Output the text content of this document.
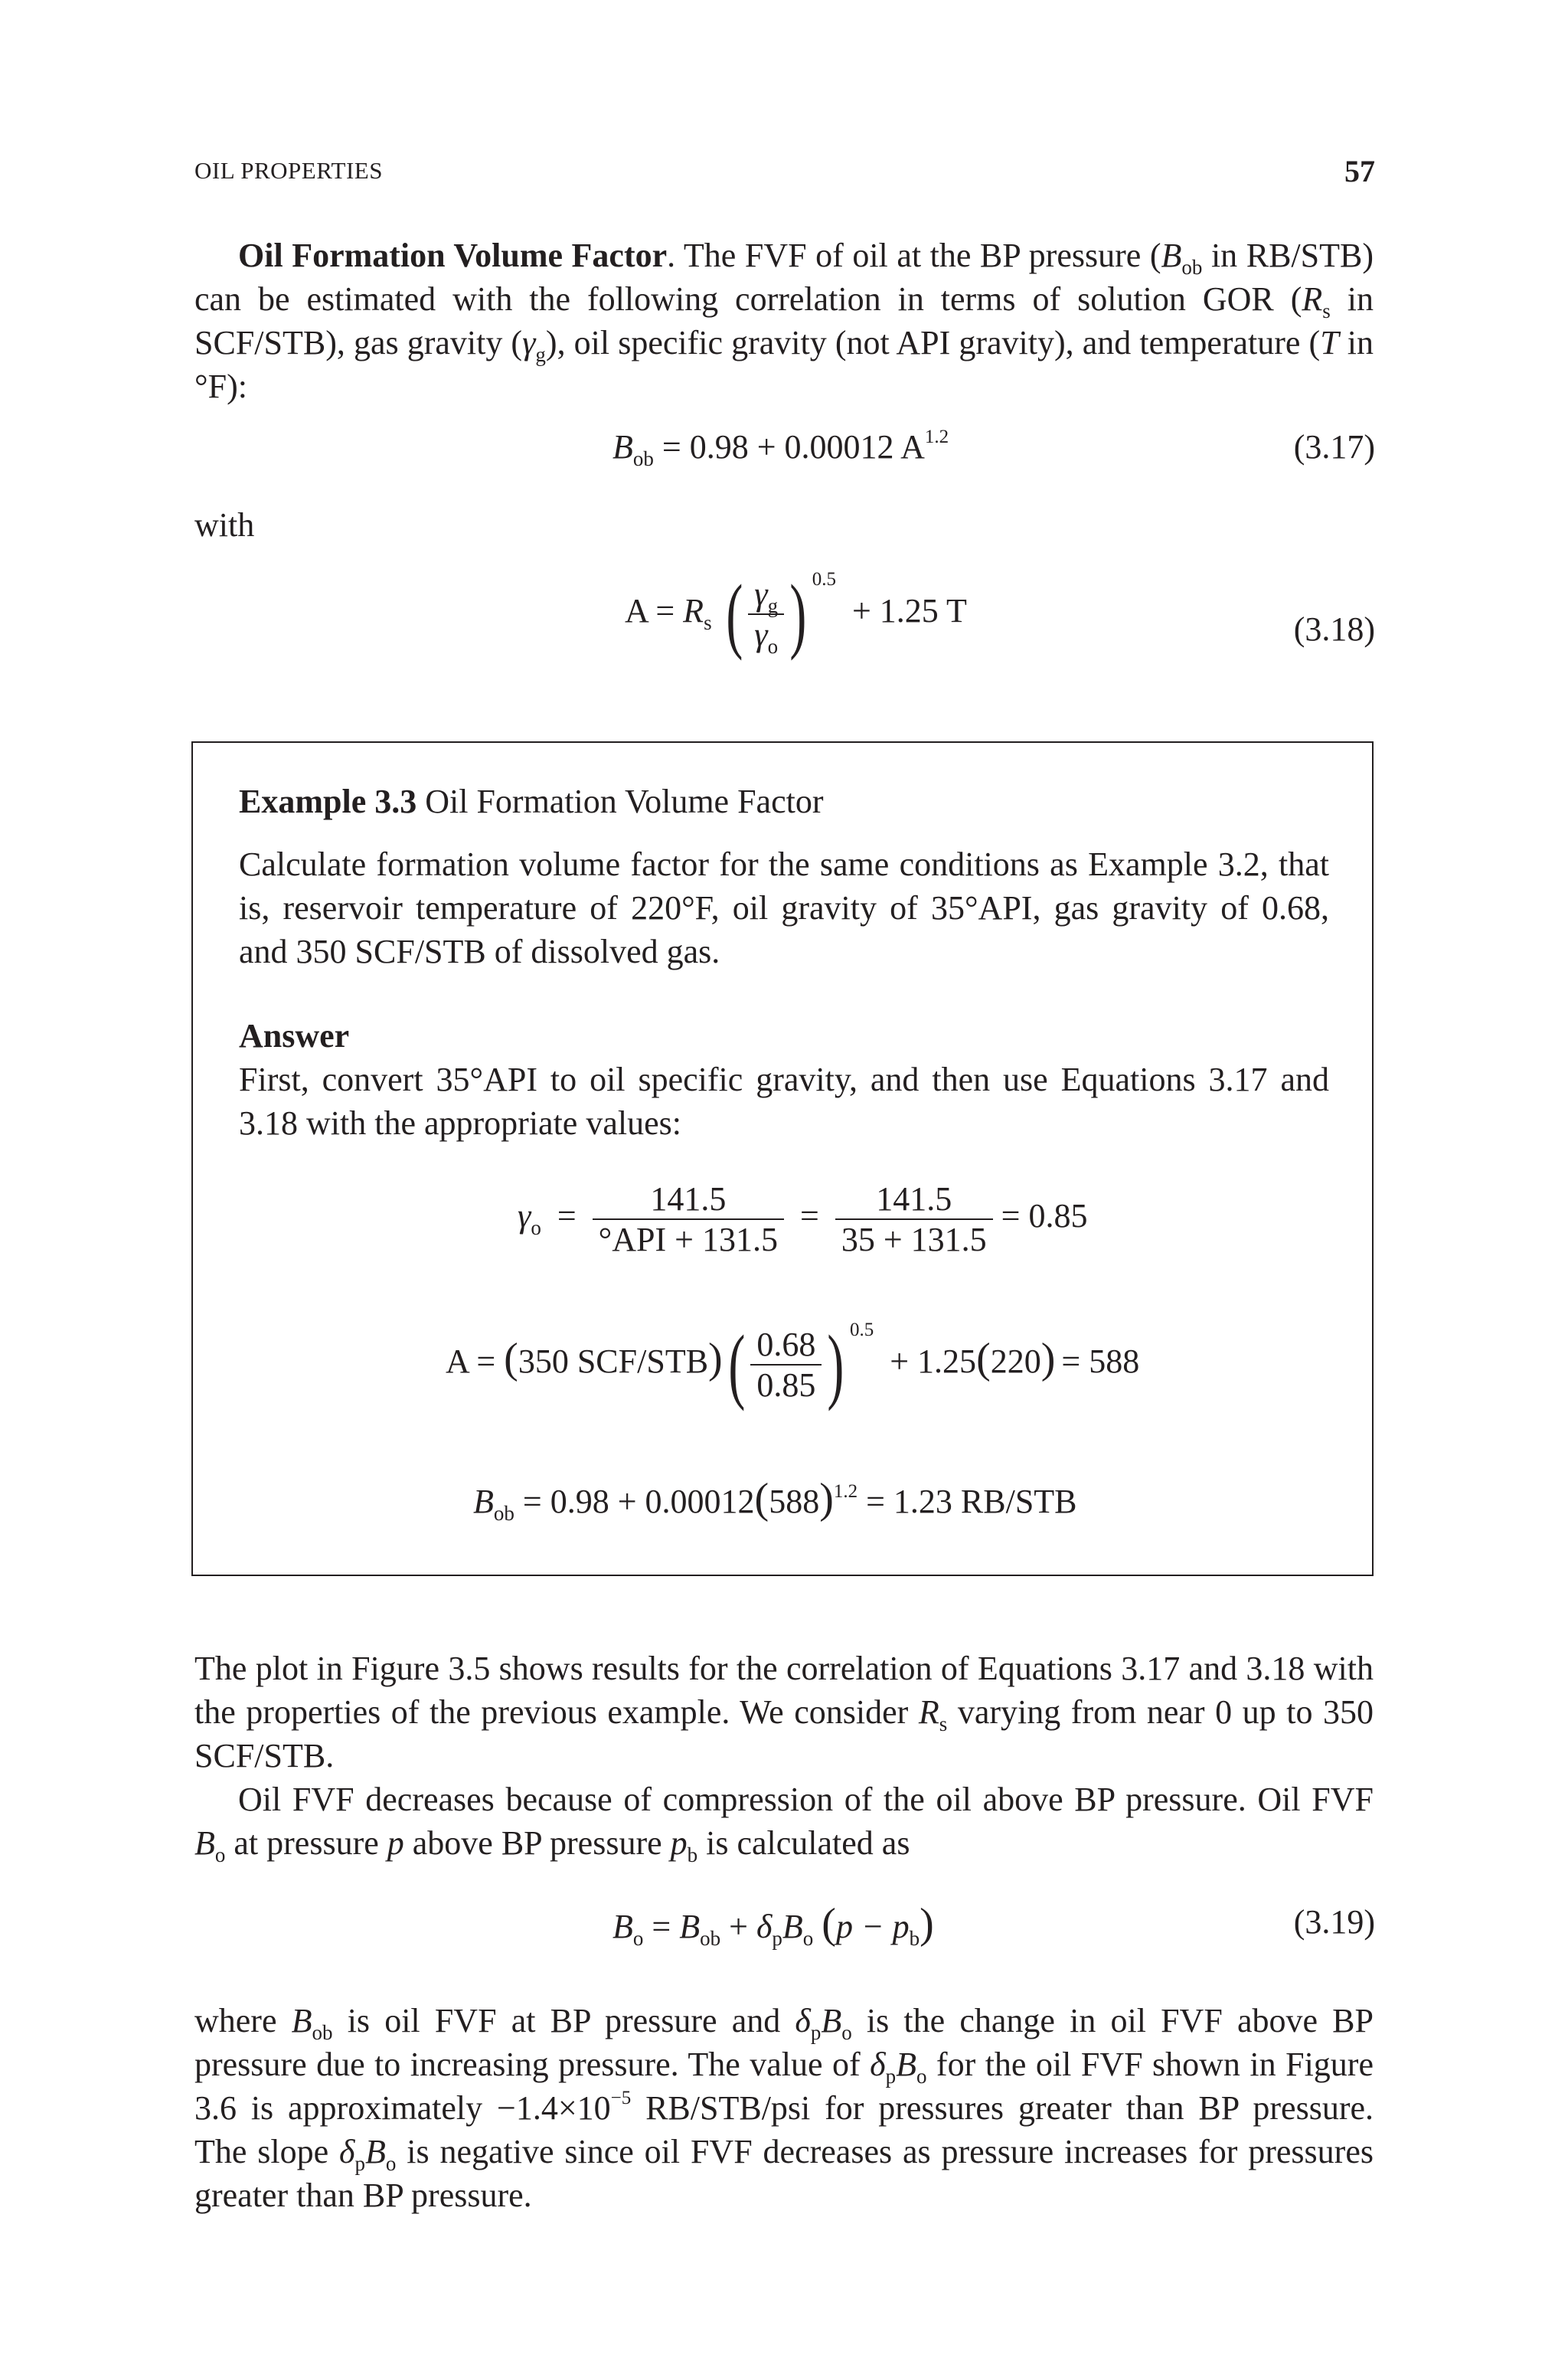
OIL PROPERTIES	57

Oil Formation Volume Factor. The FVF of oil at the BP pressure ($B_{ob}$ in RB/STB) can be estimated with the following correlation in terms of solution GOR ($R_s$ in SCF/STB), gas gravity $(\gamma_g)$, oil specific gravity (not API gravity), and temperature (T in °F):

$B_{ob} = 0.98 + 0.00012$ $A^{1.2}$	(3.17)
with
$A = R_s$ ( $\frac{\gamma_g}{\gamma_o}$ ) $^{0.5}$ + 1.25 T	(3.18)
Example 3.3 Oil Formation Volume Factor
Calculate formation volume factor for the same conditions as Example 3.2, that is, reservoir temperature of 220°F, oil gravity of 35°API, gas gravity of 0.68, and 350 SCF/STB of dissolved gas.
Answer
First, convert 35°API to oil specific gravity, and then use Equations 3.17 and 3.18 with the appropriate values:
$\gamma_o = \frac{141.5}{\text{°API + 131.5}} = \frac{141.5}{35 + 131.5} = 0.85$
A = (350 $SCF/STB)( \frac{0.68}{0.85}$ ) $^{0.5}$ + 1.25(220) = 588
$B_{ob} = 0.98 + 0.00012(588)^{1.2} = 1.23$ RB/STB

The plot in Figure 3.5 shows results for the correlation of Equations 3.17 and 3.18 with the properties of the previous example. We consider $R_s$ varying from near 0 up to 350 SCF/STB.

Oil FVF decreases because of compression of the oil above BP pressure. Oil FVF $B_o$ at pressure p above BP pressure $p_b$ is calculated as

$B_o = B_{ob} + \delta_pB_o$ $(p - p_b)$	(3.19)

where $B_{ob}$ is oil FVF at BP pressure and $\delta_pB_o$ is the change in oil FVF above BP pressure due to increasing pressure. The value of $\delta_pB_o$ for the oil FVF shown in Figure 3.6 is approximately $-1.4\times 10^{-5}$ RB/STB/psi for pressures greater than BP pressure. The slope $\delta_pB_o$ is negative since oil FVF decreases as pressure increases for pressures greater than BP pressure.
